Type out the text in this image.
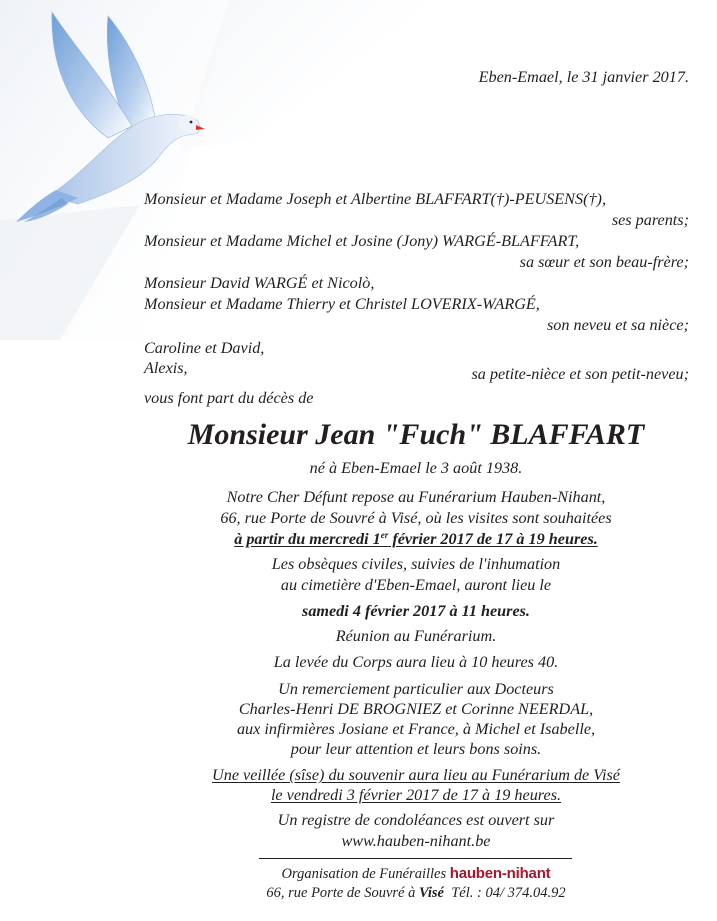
Eben-Emael, le 31 janvier 2017.
Monsieur et Madame Joseph et Albertine BLAFFART(†)-PEUSENS(†),
ses parents;
Monsieur et Madame Michel et Josine (Jony) WARGÉ-BLAFFART,
sa sœur et son beau-frère;
Monsieur David WARGÉ et Nicolò,
Monsieur et Madame Thierry et Christel LOVERIX-WARGÉ,
son neveu et sa nièce;
Caroline et David,
Alexis,	sa petite-nièce et son petit-neveu;
vous font part du décès de
Monsieur Jean "Fuch" BLAFFART
né à Eben-Emael le 3 août 1938.
Notre Cher Défunt repose au Funérarium Hauben-Nihant,
66, rue Porte de Souvré à Visé, où les visites sont souhaitées
à partir du mercredi 1er février 2017 de 17 à 19 heures.
Les obsèques civiles, suivies de l'inhumation
au cimetière d'Eben-Emael, auront lieu le
samedi 4 février 2017 à 11 heures.
Réunion au Funérarium.
La levée du Corps aura lieu à 10 heures 40.
Un remerciement particulier aux Docteurs
Charles-Henri DE BROGNIEZ et Corinne NEERDAL,
aux infirmières Josiane et France, à Michel et Isabelle,
pour leur attention et leurs bons soins.
Une veillée (sîse) du souvenir aura lieu au Funérarium de Visé
le vendredi 3 février 2017 de 17 à 19 heures.
Un registre de condoléances est ouvert sur
www.hauben-nihant.be
Organisation de Funérailles hauben-nihant
66, rue Porte de Souvré à Visé Tél. : 04/ 374.04.92
